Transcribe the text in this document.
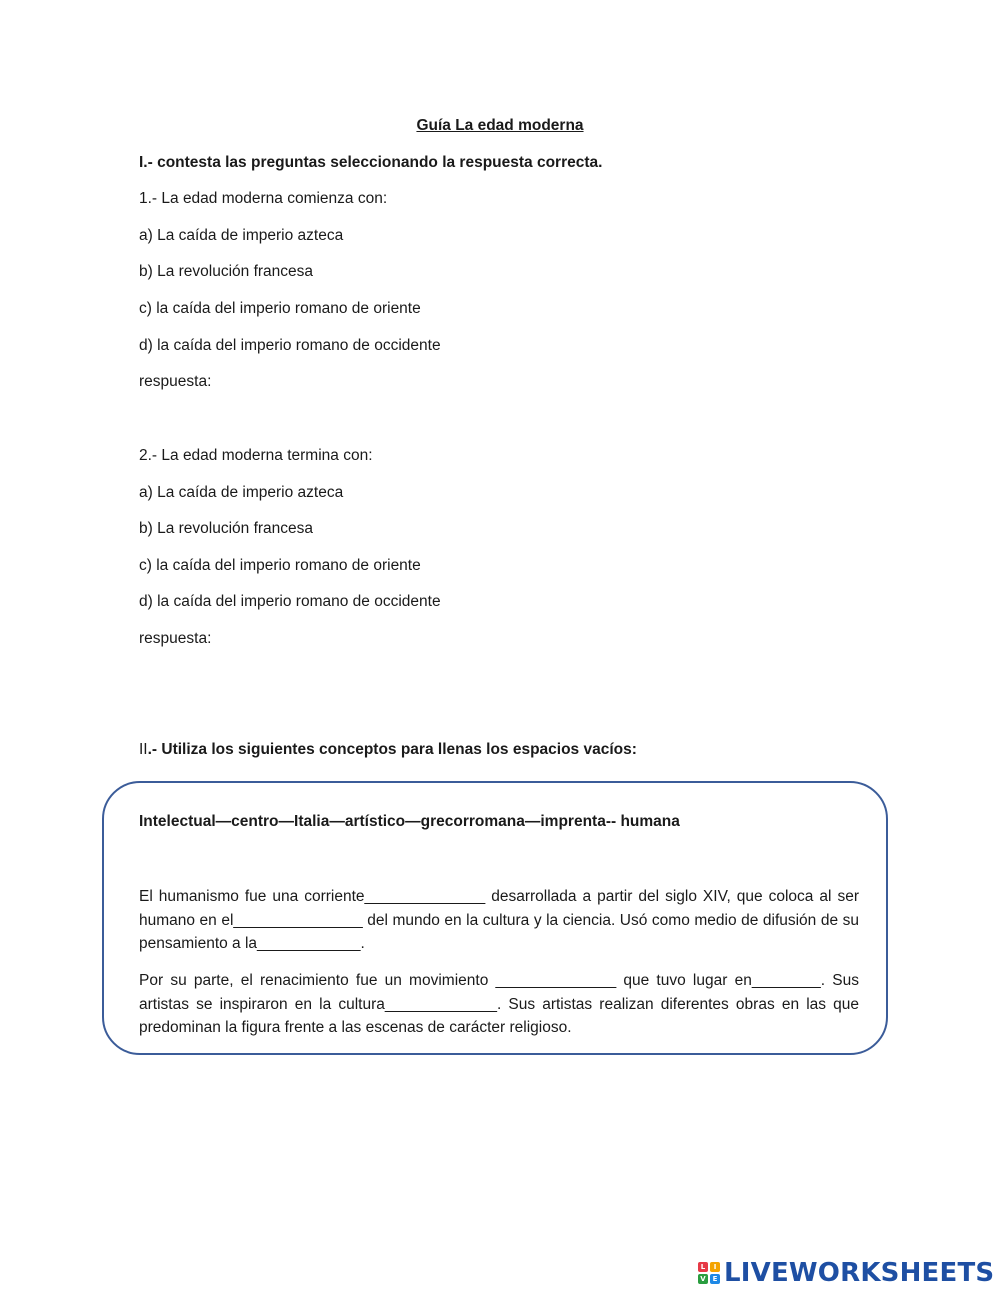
Guía La edad moderna
I.- contesta las preguntas seleccionando la respuesta correcta.
1.- La edad moderna comienza con:
a) La caída de imperio azteca
b) La revolución francesa
c) la caída del imperio romano de oriente
d) la caída del imperio romano de occidente
respuesta:
2.- La edad moderna termina con:
a) La caída de imperio azteca
b) La revolución francesa
c) la caída del imperio romano de oriente
d) la caída del imperio romano de occidente
respuesta:
II.- Utiliza los siguientes conceptos para llenas los espacios vacíos:
Intelectual—centro—Italia—artístico—grecorromana—imprenta-- humana
El humanismo fue una corriente______________ desarrollada a partir del siglo XIV, que coloca al ser humano en el_______________ del mundo en la cultura y la ciencia. Usó como medio de difusión de su pensamiento a la____________.
Por su parte, el renacimiento fue un movimiento ______________ que tuvo lugar en________. Sus artistas se inspiraron en la cultura_____________. Sus artistas realizan diferentes obras en las que predominan la figura frente a las escenas de carácter religioso.
L	I
V E LIVEWORKSHEETS
